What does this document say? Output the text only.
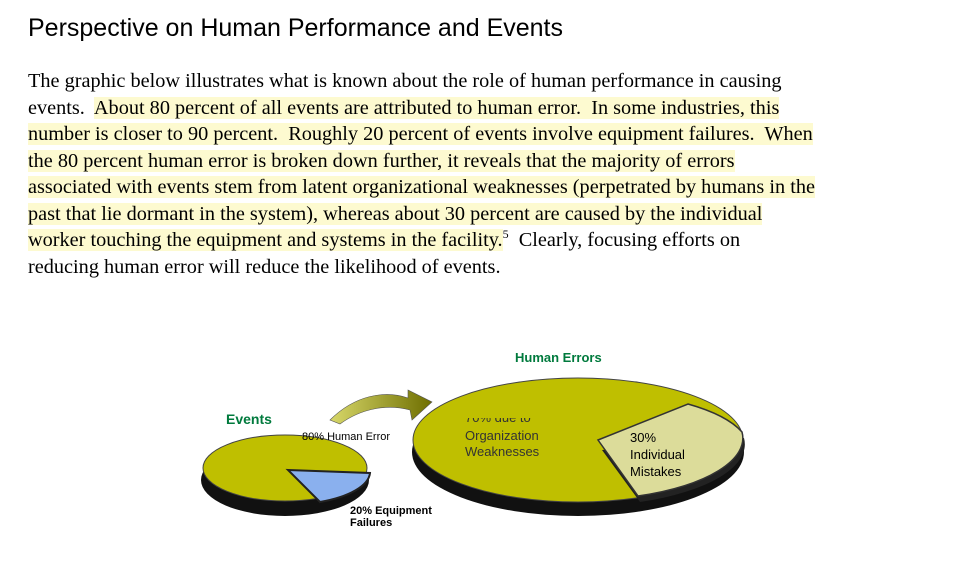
Perspective on Human Performance and Events
The graphic below illustrates what is known about the role of human performance in causing
events.  About 80 percent of all events are attributed to human error.  In some industries, this
number is closer to 90 percent.  Roughly 20 percent of events involve equipment failures.  When
the 80 percent human error is broken down further, it reveals that the majority of errors
associated with events stem from latent organizational weaknesses (perpetrated by humans in the
past that lie dormant in the system), whereas about 30 percent are caused by the individual
worker touching the equipment and systems in the facility.$^5$  Clearly, focusing efforts on
reducing human error will reduce the likelihood of events.
Events
80% Human Error
20% Equipment
Failures
Human Errors
Organization
Weaknesses
30%
Individual
Mistakes
